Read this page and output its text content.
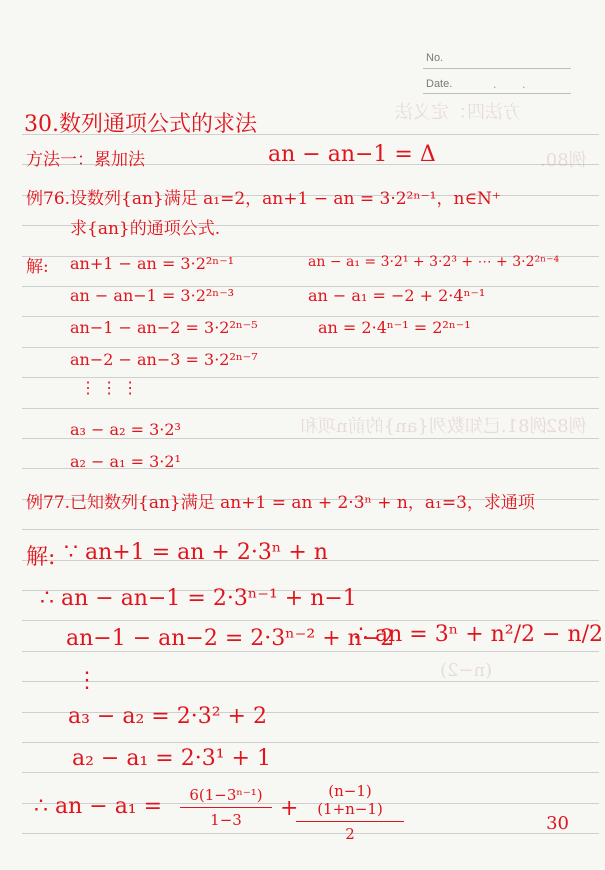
No.
Date.	. .
方法四：定义法
例80.
例81.已知数列{an}的前n项和
例82.
(n−2)
30.数列通项公式的求法
方法一：累加法	an − an−1 = Δ
例76.设数列{an}满足 a₁=2，an+1 − an = 3·2²ⁿ⁻¹，n∈N⁺
求{an}的通项公式.
解: an+1 − an = 3·2²ⁿ⁻¹
an − an−1 = 3·2²ⁿ⁻³
an−1 − an−2 = 3·2²ⁿ⁻⁵
an−2 − an−3 = 3·2²ⁿ⁻⁷
⋮ ⋮ ⋮
a₃ − a₂ = 3·2³
a₂ − a₁ = 3·2¹
an − a₁ = 3·2¹ + 3·2³ + ⋯ + 3·2²ⁿ⁻⁴
an − a₁ = −2 + 2·4ⁿ⁻¹
an = 2·4ⁿ⁻¹ = 2²ⁿ⁻¹
例77.已知数列{an}满足 an+1 = an + 2·3ⁿ + n，a₁=3，求通项
解: ∵ an+1 = an + 2·3ⁿ + n
∴ an − an−1 = 2·3ⁿ⁻¹ + n−1
an−1 − an−2 = 2·3ⁿ⁻² + n−2
⋮
a₃ − a₂ = 2·3² + 2
a₂ − a₁ = 2·3¹ + 1
∴ an = 3ⁿ + n²/2 − n/2
∴ an − a₁ =	6(1−3ⁿ⁻¹)
1−3	+
(n−1)(1+n−1)
2	30
